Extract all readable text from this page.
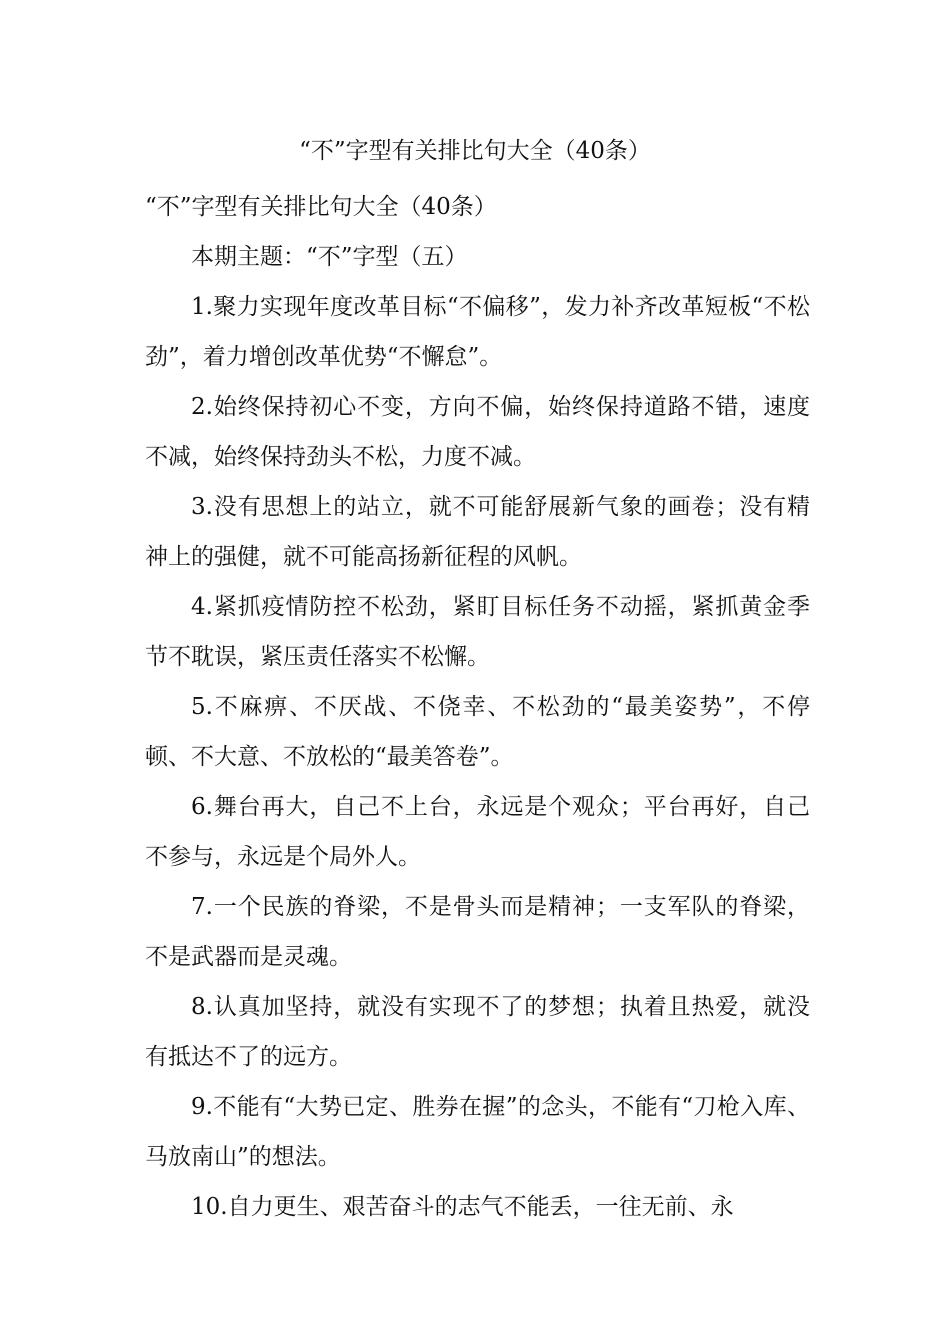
“不”字型有关排比句大全（40条）

“不”字型有关排比句大全（40条）

本期主题：“不”字型（五）

1.聚力实现年度改革目标“不偏移”，发力补齐改革短板“不松劲”，着力增创改革优势“不懈怠”。

2.始终保持初心不变，方向不偏，始终保持道路不错，速度不减，始终保持劲头不松，力度不减。

3.没有思想上的站立，就不可能舒展新气象的画卷；没有精神上的强健，就不可能高扬新征程的风帆。

4.紧抓疫情防控不松劲，紧盯目标任务不动摇，紧抓黄金季节不耽误，紧压责任落实不松懈。

5.不麻痹、不厌战、不侥幸、不松劲的“最美姿势”，不停顿、不大意、不放松的“最美答卷”。

6.舞台再大，自己不上台，永远是个观众；平台再好，自己不参与，永远是个局外人。

7.一个民族的脊梁，不是骨头而是精神；一支军队的脊梁，不是武器而是灵魂。

8.认真加坚持，就没有实现不了的梦想；执着且热爱，就没有抵达不了的远方。

9.不能有“大势已定、胜券在握”的念头，不能有“刀枪入库、马放南山”的想法。

10.自力更生、艰苦奋斗的志气不能丢，一往无前、永
